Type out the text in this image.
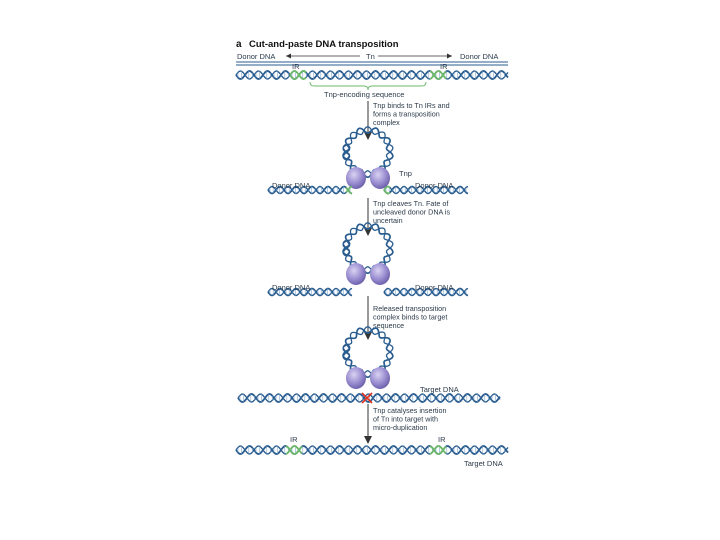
a Cut-and-paste DNA transposition
Donor DNA	Tn	Donor DNA
IR	IR
Tnp-encoding sequence
Tnp binds to Tn IRs and forms a transposition complex
Tnp cleaves Tn. Fate of uncleaved donor DNA is uncertain
Released transposition complex binds to target sequence
Tnp catalyses insertion of Tn into target with micro-duplication
Tnp
Donor DNA	Donor DNA
Donor DNA	Donor DNA
Target DNA
IR	IR
Target DNA
